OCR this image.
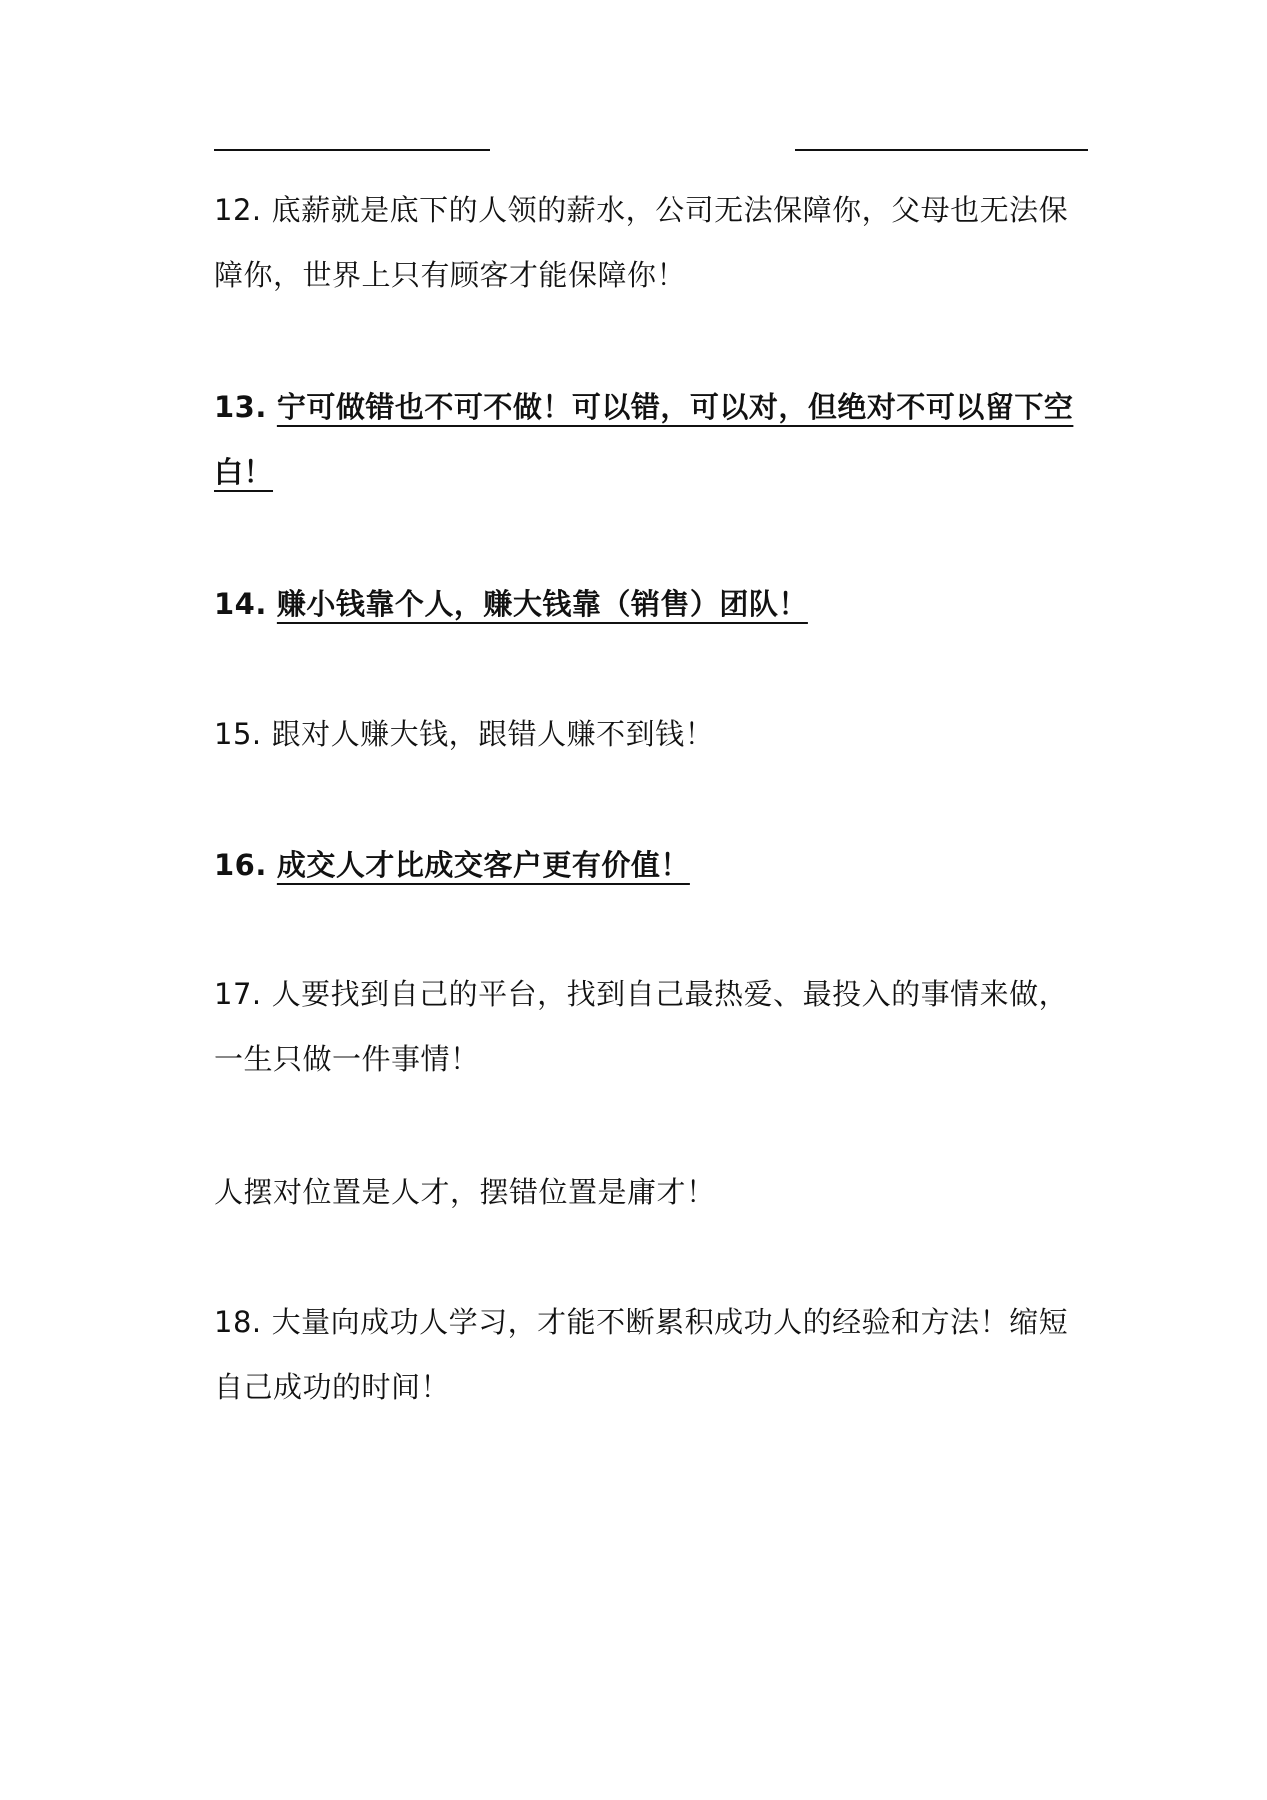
12. 底薪就是底下的人领的薪水，公司无法保障你，父母也无法保障你，世界上只有顾客才能保障你！

13. 宁可做错也不可不做！可以错，可以对，但绝对不可以留下空白！

14. 赚小钱靠个人，赚大钱靠（销售）团队！

15. 跟对人赚大钱，跟错人赚不到钱！

16. 成交人才比成交客户更有价值！

17. 人要找到自己的平台，找到自己最热爱、最投入的事情来做，一生只做一件事情！

人摆对位置是人才，摆错位置是庸才！

18. 大量向成功人学习，才能不断累积成功人的经验和方法！缩短自己成功的时间！
